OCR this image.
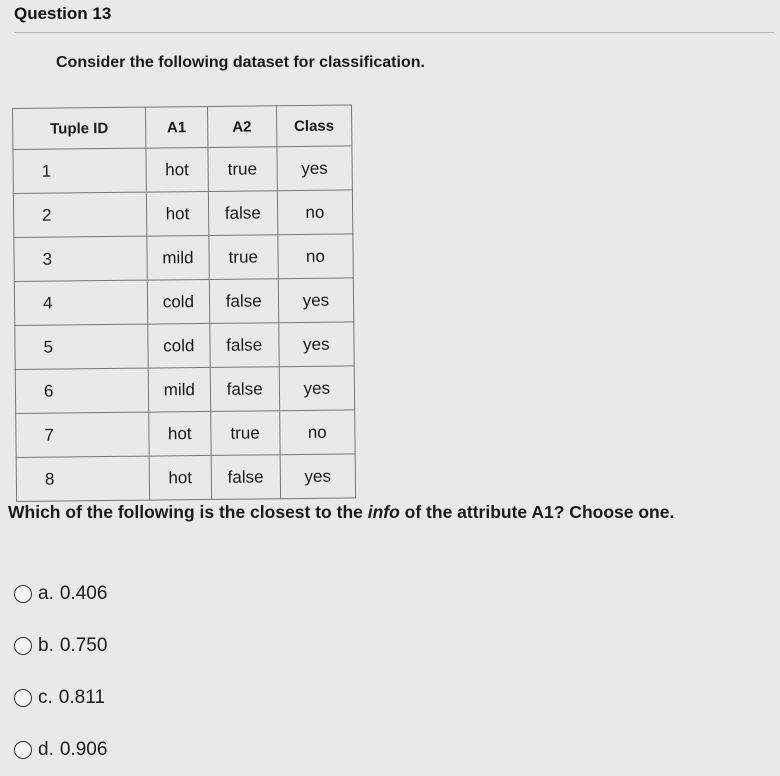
Question 13
Consider the following dataset for classification.
Tuple ID	A1	A2	Class
1	hot	true	yes
2	hot	false	no
3	mild	true	no
4	cold	false	yes
5	cold	false	yes
6	mild	false	yes
7	hot	true	no
8	hot	false	yes
Which of the following is the closest to the info of the attribute A1? Choose one.
a. 0.406
b. 0.750
c. 0.811
d. 0.906
